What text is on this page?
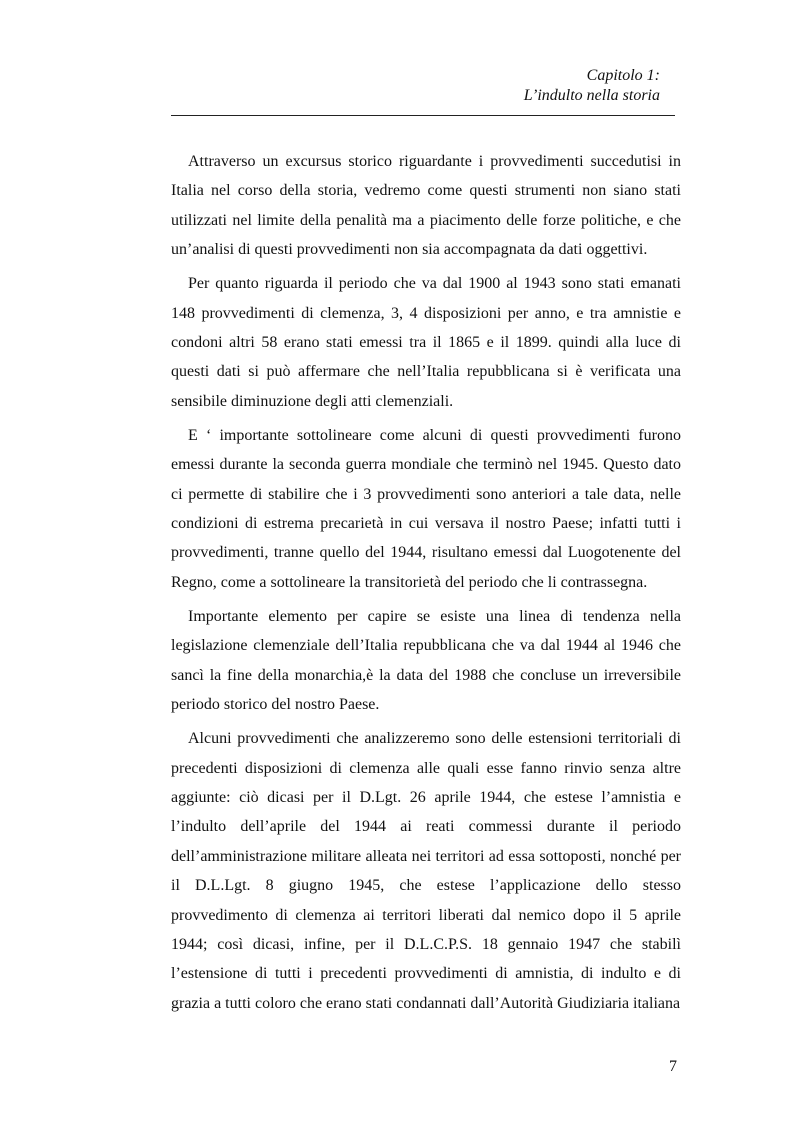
Capitolo 1:
L’indulto nella storia

Attraverso un excursus storico riguardante i provvedimenti succedutisi in Italia nel corso della storia, vedremo come questi strumenti non siano stati utilizzati nel limite della penalità ma a piacimento delle forze politiche, e che un’analisi di questi provvedimenti non sia accompagnata da dati oggettivi.

Per quanto riguarda il periodo che va dal 1900 al 1943 sono stati emanati 148 provvedimenti di clemenza, 3, 4 disposizioni per anno, e tra amnistie e condoni altri 58 erano stati emessi tra il 1865 e il 1899. quindi alla luce di questi dati si può affermare che nell’Italia repubblicana si è verificata una sensibile diminuzione degli atti clemenziali.

E ‘ importante sottolineare come alcuni di questi provvedimenti furono emessi durante la seconda guerra mondiale che terminò nel 1945. Questo dato ci permette di stabilire che i 3 provvedimenti sono anteriori a tale data, nelle condizioni di estrema precarietà in cui versava il nostro Paese; infatti tutti i provvedimenti, tranne quello del 1944, risultano emessi dal Luogotenente del Regno, come a sottolineare la transitorietà del periodo che li contrassegna.

Importante elemento per capire se esiste una linea di tendenza nella legislazione clemenziale dell’Italia repubblicana che va dal 1944 al 1946 che sancì la fine della monarchia,è la data del 1988 che concluse un irreversibile periodo storico del nostro Paese.

Alcuni provvedimenti che analizzeremo sono delle estensioni territoriali di precedenti disposizioni di clemenza alle quali esse fanno rinvio senza altre aggiunte: ciò dicasi per il D.Lgt. 26 aprile 1944, che estese l’amnistia e l’indulto dell’aprile del 1944 ai reati commessi durante il periodo dell’amministrazione militare alleata nei territori ad essa sottoposti, nonché per il D.L.Lgt. 8 giugno 1945, che estese l’applicazione dello stesso provvedimento di clemenza ai territori liberati dal nemico dopo il 5 aprile 1944; così dicasi, infine, per il D.L.C.P.S. 18 gennaio 1947 che stabilì l’estensione di tutti i precedenti provvedimenti di amnistia, di indulto e di grazia a tutti coloro che erano stati condannati dall’Autorità Giudiziaria italiana

7
